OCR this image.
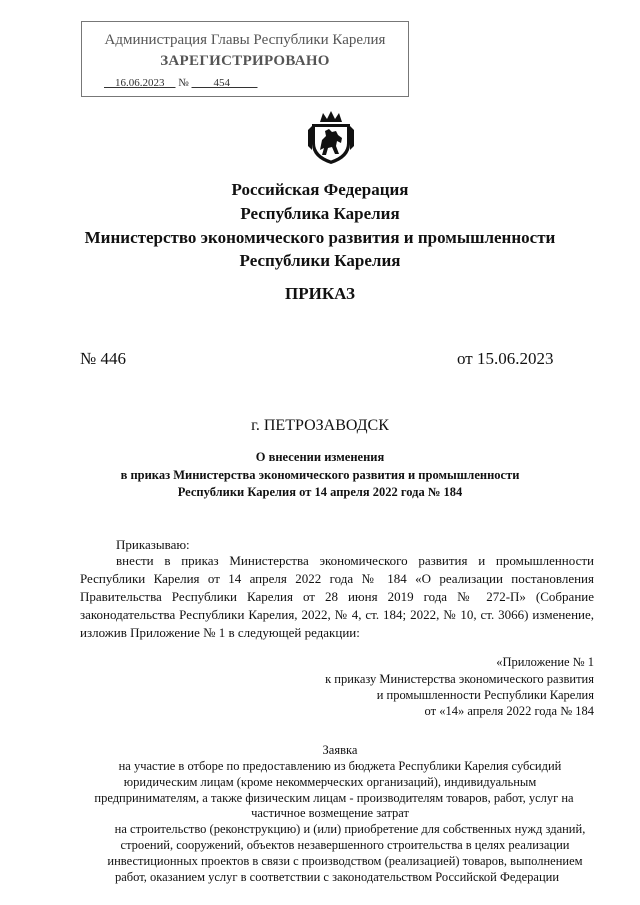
Администрация Главы Республики Карелия
ЗАРЕГИСТРИРОВАНО
16.06.2023 № 454
Российская Федерация
Республика Карелия
Министерство экономического развития и промышленности
Республики Карелия
ПРИКАЗ
№ 446	от 15.06.2023
г. ПЕТРОЗАВОДСК
О внесении изменения
в приказ Министерства экономического развития и промышленности
Республики Карелия от 14 апреля 2022 года № 184
Приказываю:
внести в приказ Министерства экономического развития и промышленности
Республики Карелия от 14 апреля 2022 года № 184 «О реализации постановления
Правительства Республики Карелия от 28 июня 2019 года № 272-П» (Собрание
законодательства Республики Карелия, 2022, № 4, ст. 184; 2022, № 10, ст. 3066) изменение,
изложив Приложение № 1 в следующей редакции:
«Приложение № 1
к приказу Министерства экономического развития
и промышленности Республики Карелия
от «14» апреля 2022 года № 184
Заявка
на участие в отборе по предоставлению из бюджета Республики Карелия субсидий
юридическим лицам (кроме некоммерческих организаций), индивидуальным
предпринимателям, а также физическим лицам - производителям товаров, работ, услуг на
частичное возмещение затрат
на строительство (реконструкцию) и (или) приобретение для собственных нужд зданий,
строений, сооружений, объектов незавершенного строительства в целях реализации
инвестиционных проектов в связи с производством (реализацией) товаров, выполнением
работ, оказанием услуг в соответствии с законодательством Российской Федерации
